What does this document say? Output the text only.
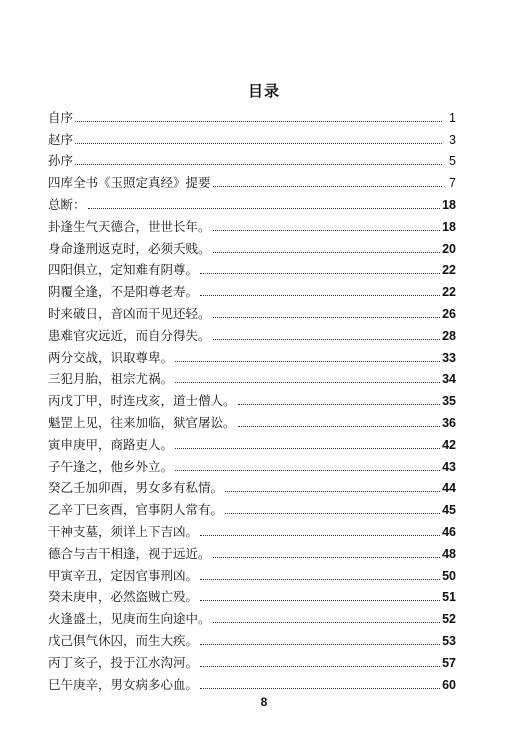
目录
自序	1
赵序	3
孙序	5
四库全书《玉照定真经》提要	7
总断：	18
卦逢生气天德合，世世长年。	18
身命逢刑返克时，必须夭贱。	20
四阳俱立，定知难有阴尊。	22
阴覆全逢，不是阳尊老寿。	22
时来破日，音凶而干见还轻。	26
患难官灾远近，而自分得失。	28
两分交战，识取尊卑。	33
三犯月胎，祖宗尤祸。	34
丙戊丁甲，时连戌亥，道士僧人。	35
魁罡上见，往来加临，狱官屠讼。	36
寅申庚甲，商路吏人。	42
子午逢之，他乡外立。	43
癸乙壬加卯酉，男女多有私情。	44
乙辛丁巳亥酉，官事阴人常有。	45
干神支墓，须详上下吉凶。	46
德合与吉干相逢，视于远近。	48
甲寅辛丑，定因官事刑凶。	50
癸未庚申，必然盗贼亡殁。	51
火逢盛土，见庚而生向途中。	52
戊己俱气休囚，而生大疾。	53
丙丁亥子，投于江水沟河。	57
巳午庚辛，男女病多心血。	60
8
